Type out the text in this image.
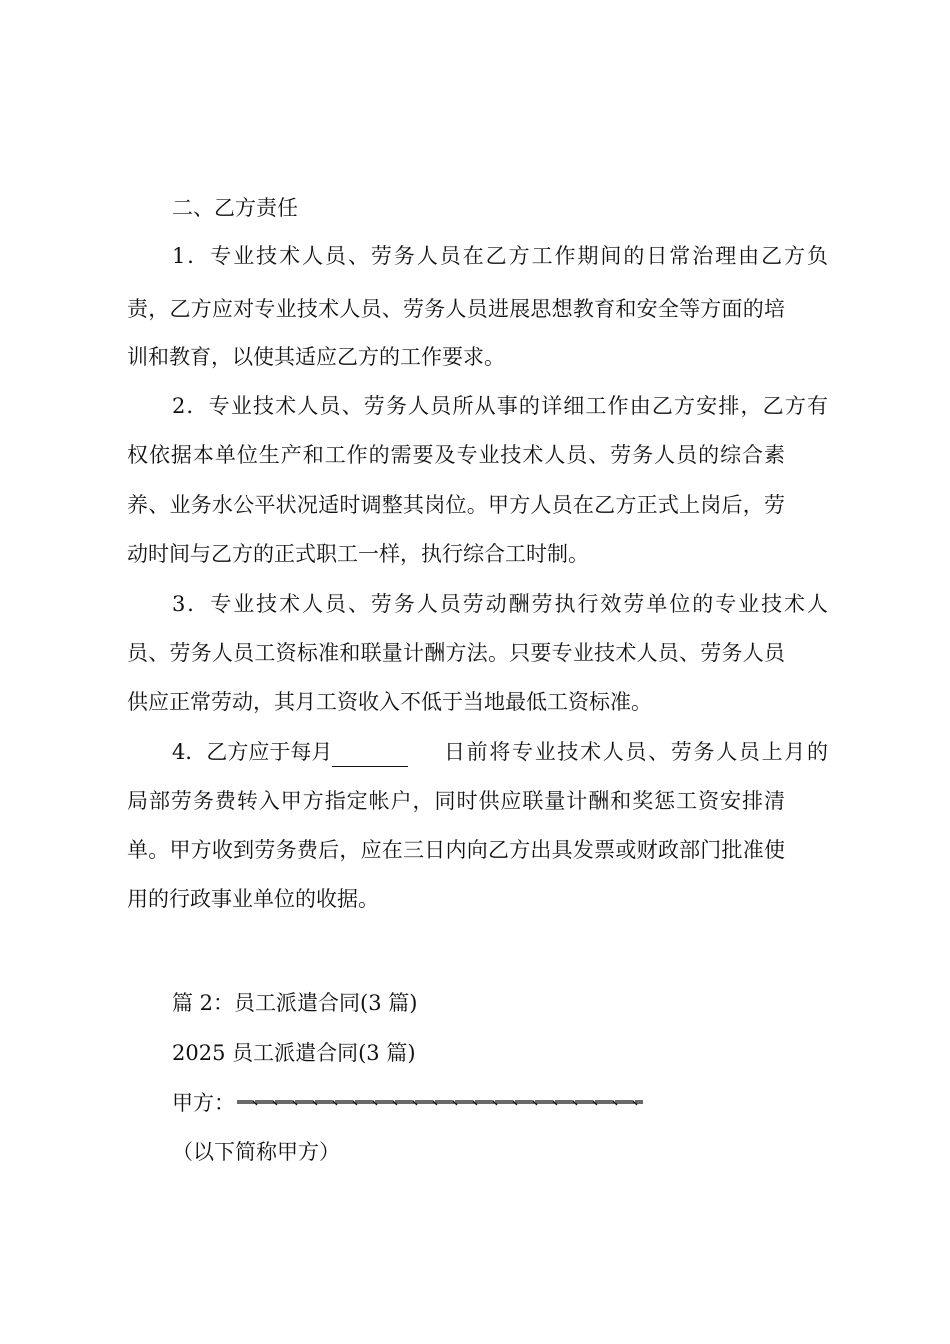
二、乙方责任
1．专业技术人员、劳务人员在乙方工作期间的日常治理由乙方负
责，乙方应对专业技术人员、劳务人员进展思想教育和安全等方面的培
训和教育，以使其适应乙方的工作要求。
2．专业技术人员、劳务人员所从事的详细工作由乙方安排，乙方有
权依据本单位生产和工作的需要及专业技术人员、劳务人员的综合素
养、业务水公平状况适时调整其岗位。甲方人员在乙方正式上岗后，劳
动时间与乙方的正式职工一样，执行综合工时制。
3．专业技术人员、劳务人员劳动酬劳执行效劳单位的专业技术人
员、劳务人员工资标准和联量计酬方法。只要专业技术人员、劳务人员
供应正常劳动，其月工资收入不低于当地最低工资标准。
4．乙方应于每月	日前将专业技术人员、劳务人员上月的
局部劳务费转入甲方指定帐户，同时供应联量计酬和奖惩工资安排清
单。甲方收到劳务费后，应在三日内向乙方出具发票或财政部门批准使
用的行政事业单位的收据。
篇 2：员工派遣合同(3 篇)
2025 员工派遣合同(3 篇)
甲方：
（以下简称甲方）
